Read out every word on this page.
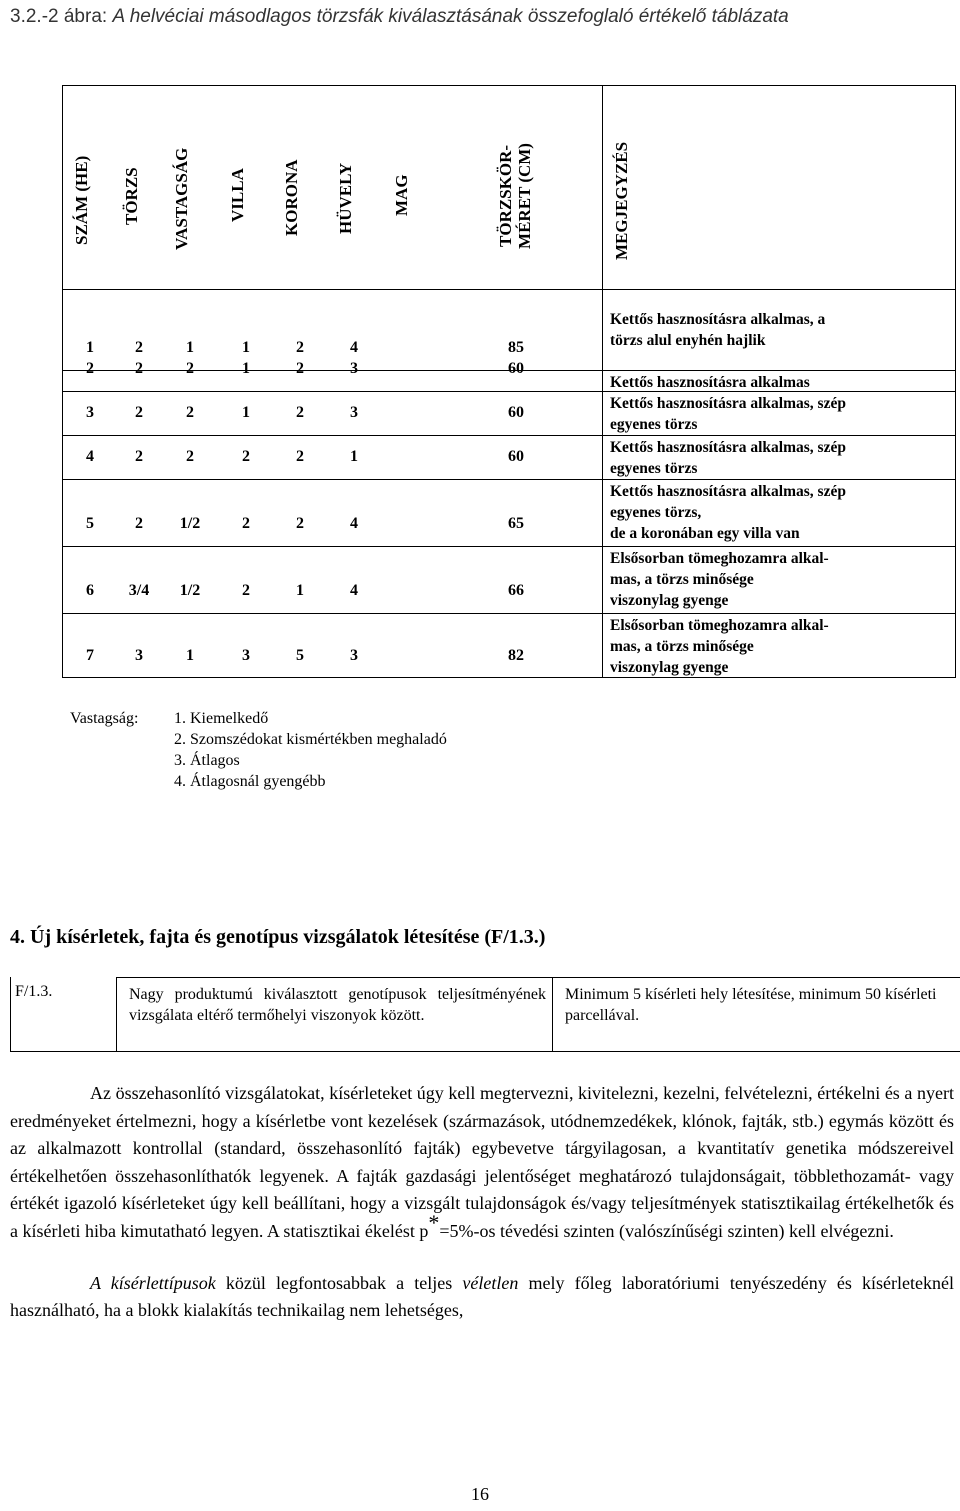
3.2.-2 ábra: A helvéciai másodlagos törzsfák kiválasztásának összefoglaló értékelő táblázata
SZÁM (HE) TÖRZS VASTAGSÁG VILLA KORONA HÜVELY MAG	TÖRZSKÖR-MÉRET (CM)	MEGJEGYZÉS
1	2	1	1	2	4	85
Kettős hasznosításra alkalmas, a
törzs alul enyhén hajlik
2	2	2	1	2	3	60
Kettős hasznosításra alkalmas
3	2	2	1	2	3	60
Kettős hasznosításra alkalmas, szép
egyenes törzs
4	2	2	2	2	1	60
Kettős hasznosításra alkalmas, szép
egyenes törzs
5	2	1/2	2	2	4	65
Kettős hasznosításra alkalmas, szép
egyenes törzs,
de a koronában egy villa van
6	3/4	1/2	2	1	4	66
Elsősorban tömeghozamra alkal-
mas, a törzs minősége
viszonylag gyenge
7	3	1	3	5	3	82
Elsősorban tömeghozamra alkal-
mas, a törzs minősége
viszonylag gyenge
Vastagság: 1. Kiemelkedő
2. Szomszédokat kismértékben meghaladó
3. Átlagos
4. Átlagosnál gyengébb
4. Új kísérletek, fajta és genotípus vizsgálatok létesítése (F/1.3.)
F/1.3.	Nagy produktumú kiválasztott genotípusok teljesítményének vizsgálata eltérő termőhelyi viszonyok között.
Minimum 5 kísérleti hely létesítése, minimum 50 kísérleti parcellával.

Az összehasonlító vizsgálatokat, kísérleteket úgy kell megtervezni, kivitelezni, kezelni, felvételezni, értékelni és a nyert eredményeket értelmezni, hogy a kísérletbe vont kezelések (származások, utódnemzedékek, klónok, fajták, stb.) egymás között és az alkalmazott kontrollal (standard, összehasonlító fajták) egybevetve tárgyilagosan, a kvantitatív genetika módszereivel értékelhetően összehasonlíthatók legyenek. A fajták gazdasági jelentőséget meghatározó tulajdonságait, többlethozamát- vagy értékét igazoló kísérleteket úgy kell beállítani, hogy a vizsgált tulajdonságok és/vagy teljesítmények statisztikailag értékelhetők és a kísérleti hiba kimutatható legyen. A statisztikai ékelést p*=5%-os tévedési szinten (valószínűségi szinten) kell elvégezni.

A kísérlettípusok közül legfontosabbak a teljes véletlen mely főleg laboratóriumi tenyészedény és kísérleteknél használható, ha a blokk kialakítás technikailag nem lehetséges,

16
